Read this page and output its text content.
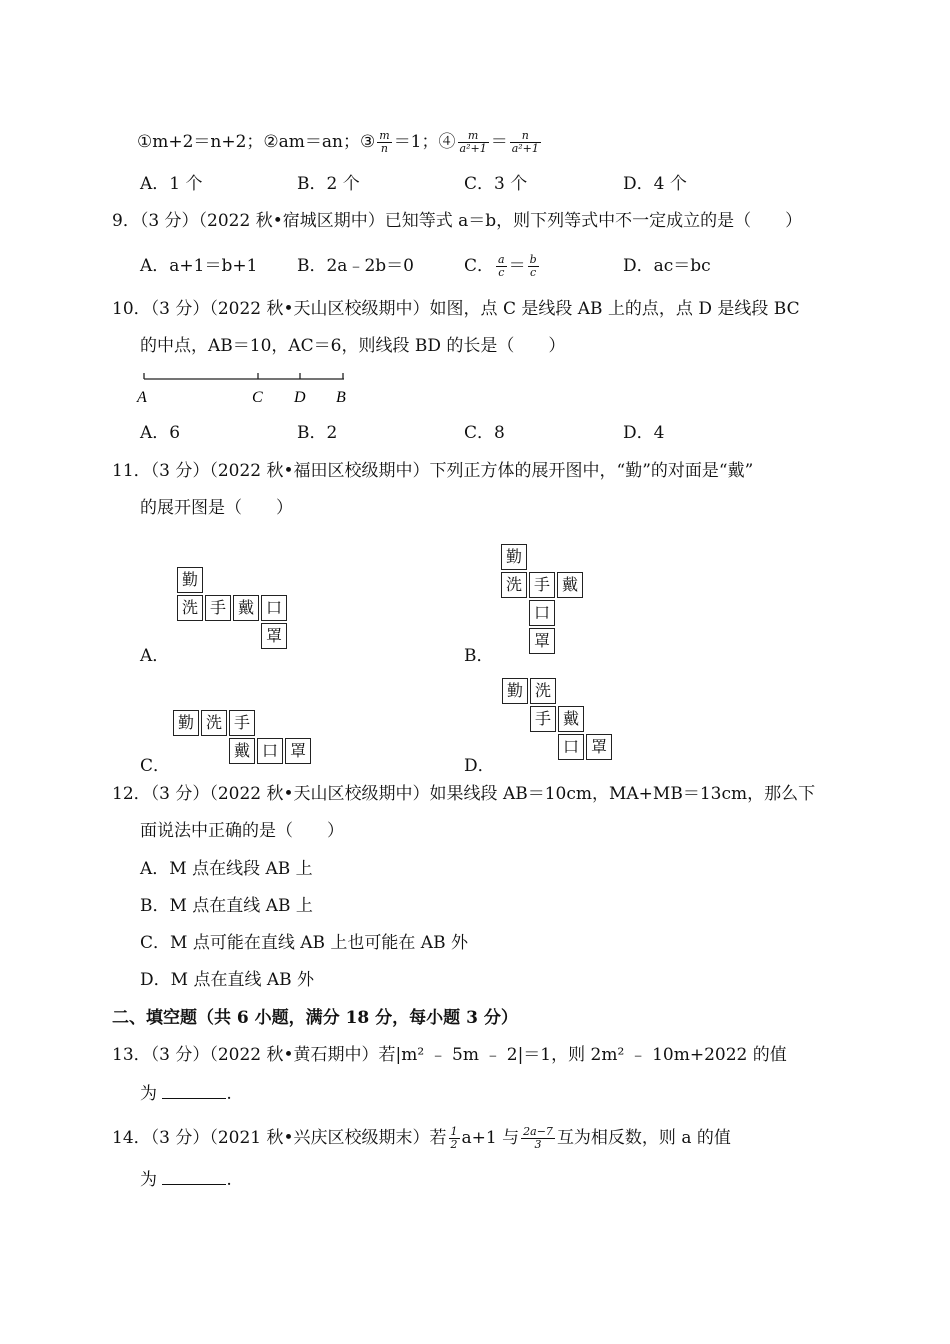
①m+2＝n+2；②am＝an；③ $\frac{m}{n} =1$；④ $\frac{m}{\text{a²+1}} = \frac{n}{\text{a²+1}}$
A．1 个	B．2 个	C．3 个	D．4 个
9．（3 分）（2022 秋•宿城区期中）已知等式 a＝b，则下列等式中不一定成立的是（　　）
A．a+1＝b+1 B．2a﹣2b＝0	C． $\frac{a}{c} = \frac{b}{c}$	D．ac＝bc
10．（3 分）（2022 秋•天山区校级期中）如图，点 C 是线段 AB 上的点，点 D 是线段 BC
的中点，AB＝10，AC＝6，则线段 BD 的长是（　　）
A	C D B
A．6	B．2	C．8	D．4
11．（3 分）（2022 秋•福田区校级期中）下列正方体的展开图中，“勤”的对面是“戴”
的展开图是（　　）
A．
勤
洗 手 戴 口
罩
B．
勤
洗 手 戴
口
罩
C．
勤 洗 手
戴 口 罩
D．
勤 洗
手 戴
口 罩
12．（3 分）（2022 秋•天山区校级期中）如果线段 AB＝10cm，MA+MB＝13cm，那么下
面说法中正确的是（　　）
A．M 点在线段 AB 上
B．M 点在直线 AB 上
C．M 点可能在直线 AB 上也可能在 AB 外
D．M 点在直线 AB 外
二、填空题（共 6 小题，满分 18 分，每小题 3 分）
13．（3 分）（2022 秋•黄石期中）若|m² ﹣ 5m ﹣ 2|＝1，则 2m² ﹣ 10m+2022 的值
为	.
14．（3 分）（2021 秋•兴庆区校级期末）若 $\frac{1}{2} a+1$ 与 $\frac{2a-7}{3}$ 互为相反数，则 a 的值
为	.
